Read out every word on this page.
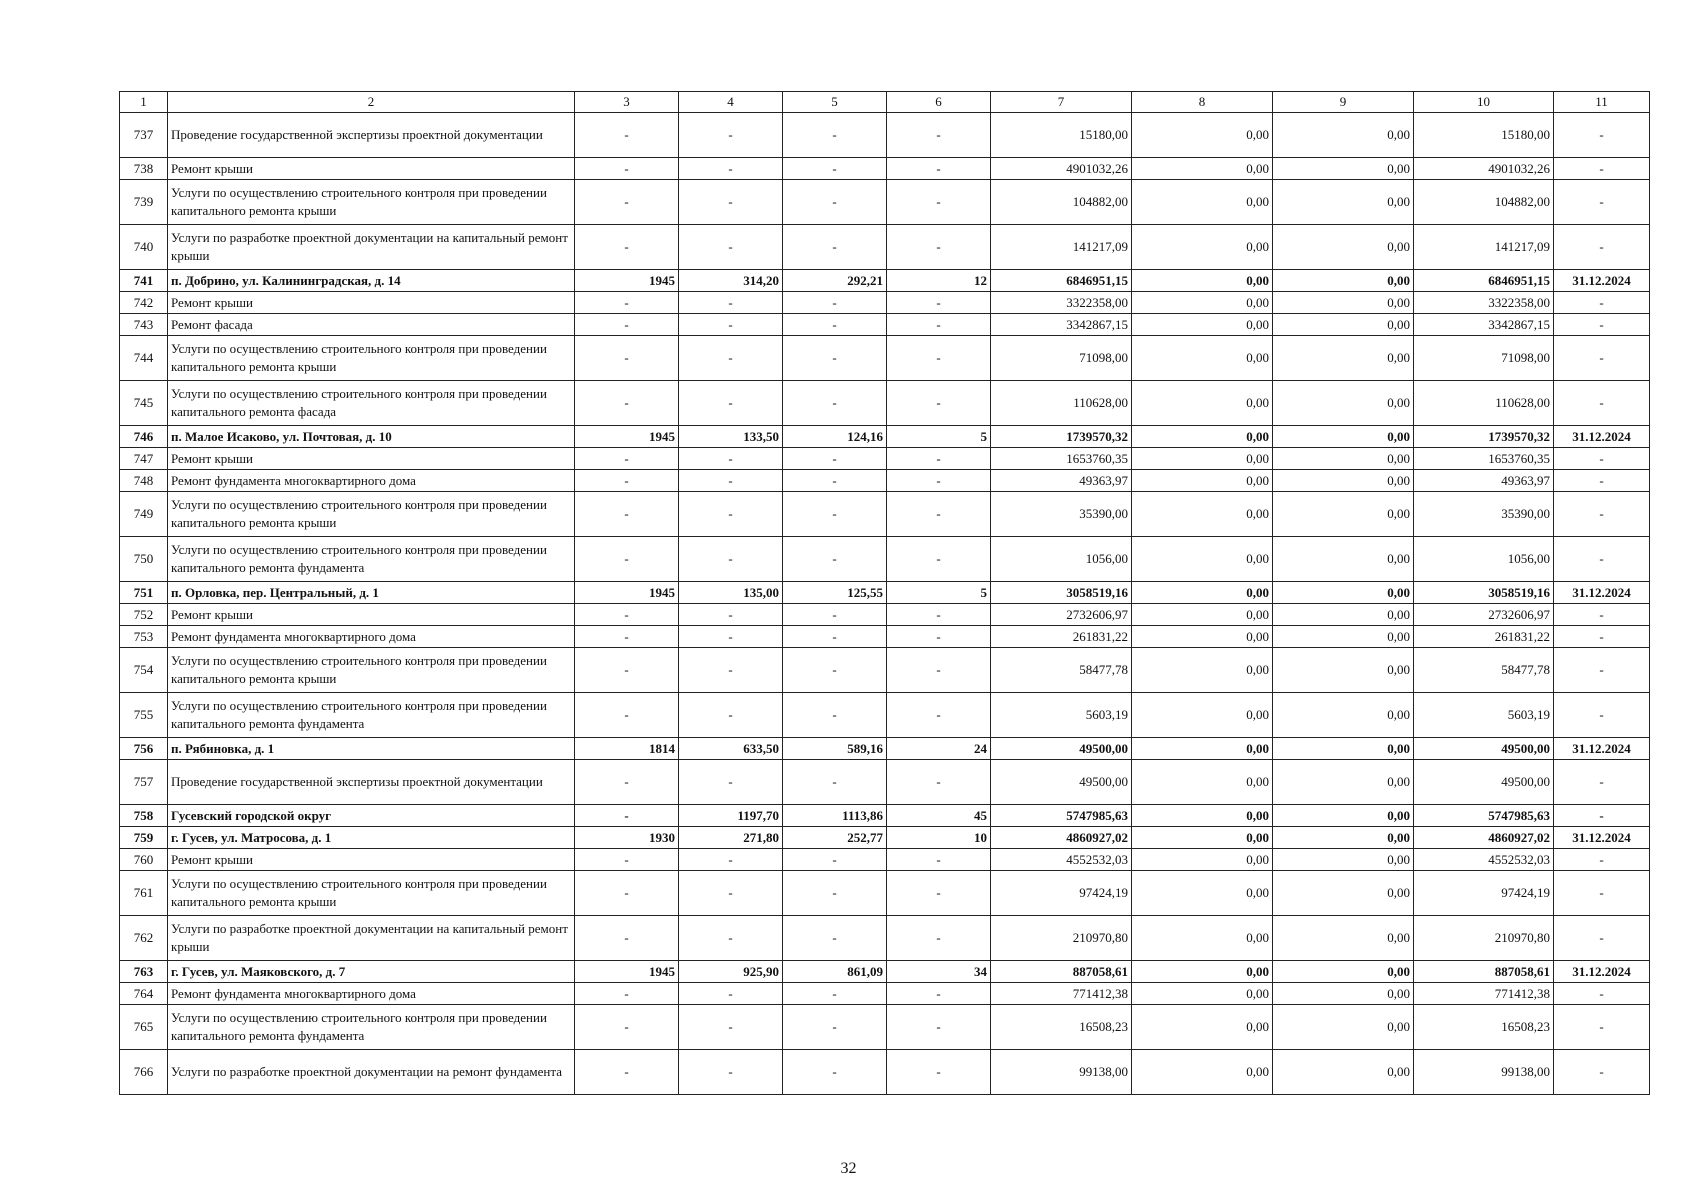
1	2	3	4	5	6	7	8	9	10	11
737	Проведение государственной экспертизы проектной документации	-	-	-	-	15180,00	0,00	0,00	15180,00	-
738	Ремонт крыши	-	-	-	-	4901032,26	0,00	0,00	4901032,26	-
739	Услуги по осуществлению строительного контроля при проведении капитального ремонта крыши	-	-	-	-	104882,00	0,00	0,00	104882,00	-
740	Услуги по разработке проектной документации на капитальный ремонт крыши	-	-	-	-	141217,09	0,00	0,00	141217,09	-
741	п. Добрино, ул. Калининградская, д. 14	1945	314,20	292,21	12	6846951,15	0,00	0,00	6846951,15	31.12.2024
742	Ремонт крыши	-	-	-	-	3322358,00	0,00	0,00	3322358,00	-
743	Ремонт фасада	-	-	-	-	3342867,15	0,00	0,00	3342867,15	-
744	Услуги по осуществлению строительного контроля при проведении капитального ремонта крыши	-	-	-	-	71098,00	0,00	0,00	71098,00	-
745	Услуги по осуществлению строительного контроля при проведении капитального ремонта фасада	-	-	-	-	110628,00	0,00	0,00	110628,00	-
746	п. Малое Исаково, ул. Почтовая, д. 10	1945	133,50	124,16	5	1739570,32	0,00	0,00	1739570,32	31.12.2024
747	Ремонт крыши	-	-	-	-	1653760,35	0,00	0,00	1653760,35	-
748	Ремонт фундамента многоквартирного дома	-	-	-	-	49363,97	0,00	0,00	49363,97	-
749	Услуги по осуществлению строительного контроля при проведении капитального ремонта крыши	-	-	-	-	35390,00	0,00	0,00	35390,00	-
750	Услуги по осуществлению строительного контроля при проведении капитального ремонта фундамента	-	-	-	-	1056,00	0,00	0,00	1056,00	-
751	п. Орловка, пер. Центральный, д. 1	1945	135,00	125,55	5	3058519,16	0,00	0,00	3058519,16	31.12.2024
752	Ремонт крыши	-	-	-	-	2732606,97	0,00	0,00	2732606,97	-
753	Ремонт фундамента многоквартирного дома	-	-	-	-	261831,22	0,00	0,00	261831,22	-
754	Услуги по осуществлению строительного контроля при проведении капитального ремонта крыши	-	-	-	-	58477,78	0,00	0,00	58477,78	-
755	Услуги по осуществлению строительного контроля при проведении капитального ремонта фундамента	-	-	-	-	5603,19	0,00	0,00	5603,19	-
756	п. Рябиновка, д. 1	1814	633,50	589,16	24	49500,00	0,00	0,00	49500,00	31.12.2024
757	Проведение государственной экспертизы проектной документации	-	-	-	-	49500,00	0,00	0,00	49500,00	-
758	Гусевский городской округ	-	1197,70	1113,86	45	5747985,63	0,00	0,00	5747985,63	-
759	г. Гусев, ул. Матросова, д. 1	1930	271,80	252,77	10	4860927,02	0,00	0,00	4860927,02	31.12.2024
760	Ремонт крыши	-	-	-	-	4552532,03	0,00	0,00	4552532,03	-
761	Услуги по осуществлению строительного контроля при проведении капитального ремонта крыши	-	-	-	-	97424,19	0,00	0,00	97424,19	-
762	Услуги по разработке проектной документации на капитальный ремонт крыши	-	-	-	-	210970,80	0,00	0,00	210970,80	-
763	г. Гусев, ул. Маяковского, д. 7	1945	925,90	861,09	34	887058,61	0,00	0,00	887058,61	31.12.2024
764	Ремонт фундамента многоквартирного дома	-	-	-	-	771412,38	0,00	0,00	771412,38	-
765	Услуги по осуществлению строительного контроля при проведении капитального ремонта фундамента	-	-	-	-	16508,23	0,00	0,00	16508,23	-
766	Услуги по разработке проектной документации на ремонт фундамента	-	-	-	-	99138,00	0,00	0,00	99138,00	-
32
